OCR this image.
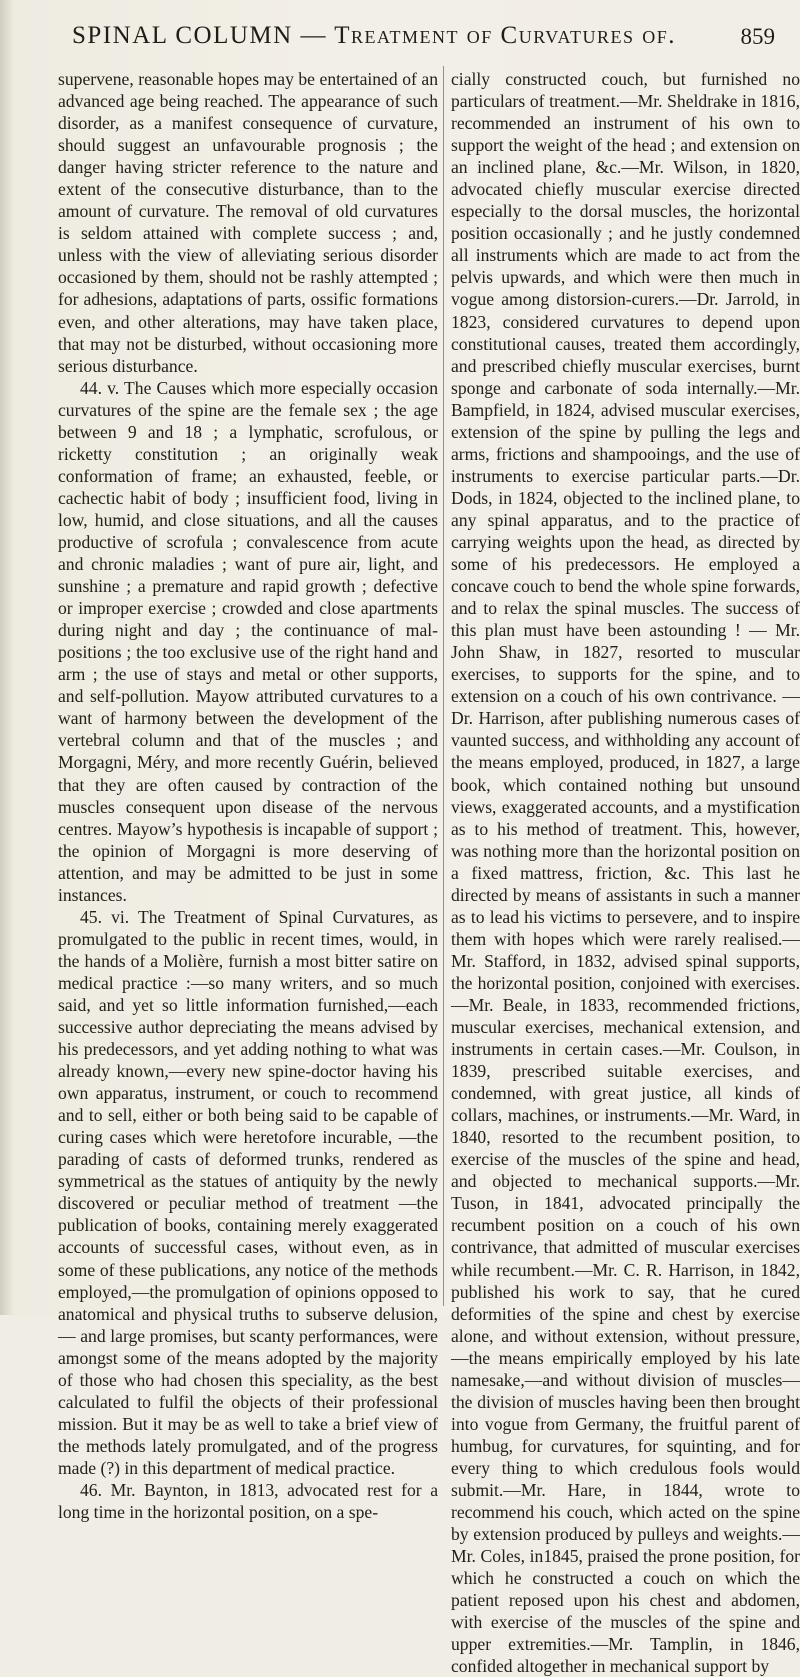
SPINAL COLUMN — Treatment of Curvatures of.	859

supervene, reasonable hopes may be entertained of an advanced age being reached. The appearance of such disorder, as a manifest consequence of curvature, should suggest an unfavourable prognosis ; the danger having stricter reference to the nature and extent of the consecutive disturbance, than to the amount of curvature. The removal of old curvatures is seldom attained with complete success ; and, unless with the view of alleviating serious disorder occasioned by them, should not be rashly attempted ; for adhesions, adaptations of parts, ossific formations even, and other alterations, may have taken place, that may not be disturbed, without occasioning more serious disturbance.

44. v. The Causes which more especially occasion curvatures of the spine are the female sex ; the age between 9 and 18 ; a lymphatic, scrofulous, or ricketty constitution ; an originally weak conformation of frame; an exhausted, feeble, or cachectic habit of body ; insufficient food, living in low, humid, and close situations, and all the causes productive of scrofula ; convalescence from acute and chronic maladies ; want of pure air, light, and sunshine ; a premature and rapid growth ; defective or improper exercise ; crowded and close apartments during night and day ; the continuance of mal-positions ; the too exclusive use of the right hand and arm ; the use of stays and metal or other supports, and self-pollution. Mayow attributed curvatures to a want of harmony between the development of the vertebral column and that of the muscles ; and Morgagni, Méry, and more recently Guérin, believed that they are often caused by contraction of the muscles consequent upon disease of the nervous centres. Mayow’s hypothesis is incapable of support ; the opinion of Morgagni is more deserving of attention, and may be admitted to be just in some instances.

45. vi. The Treatment of Spinal Curvatures, as promulgated to the public in recent times, would, in the hands of a Molière, furnish a most bitter satire on medical practice :—so many writers, and so much said, and yet so little information furnished,—each successive author depreciating the means advised by his predecessors, and yet adding nothing to what was already known,—every new spine-doctor having his own apparatus, instrument, or couch to recommend and to sell, either or both being said to be capable of curing cases which were heretofore incurable, —the parading of casts of deformed trunks, rendered as symmetrical as the statues of antiquity by the newly discovered or peculiar method of treatment —the publication of books, containing merely exaggerated accounts of successful cases, without even, as in some of these publications, any notice of the methods employed,—the promulgation of opinions opposed to anatomical and physical truths to subserve delusion,— and large promises, but scanty performances, were amongst some of the means adopted by the majority of those who had chosen this speciality, as the best calculated to fulfil the objects of their professional mission. But it may be as well to take a brief view of the methods lately promulgated, and of the progress made (?) in this department of medical practice.

46. Mr. Baynton, in 1813, advocated rest for a long time in the horizontal position, on a spe-

cially constructed couch, but furnished no particulars of treatment.—Mr. Sheldrake in 1816, recommended an instrument of his own to support the weight of the head ; and extension on an inclined plane, &c.—Mr. Wilson, in 1820, advocated chiefly muscular exercise directed especially to the dorsal muscles, the horizontal position occasionally ; and he justly condemned all instruments which are made to act from the pelvis upwards, and which were then much in vogue among distorsion-curers.—Dr. Jarrold, in 1823, considered curvatures to depend upon constitutional causes, treated them accordingly, and prescribed chiefly muscular exercises, burnt sponge and carbonate of soda internally.—Mr. Bampfield, in 1824, advised muscular exercises, extension of the spine by pulling the legs and arms, frictions and shampooings, and the use of instruments to exercise particular parts.—Dr. Dods, in 1824, objected to the inclined plane, to any spinal apparatus, and to the practice of carrying weights upon the head, as directed by some of his predecessors. He employed a concave couch to bend the whole spine forwards, and to relax the spinal muscles. The success of this plan must have been astounding ! — Mr. John Shaw, in 1827, resorted to muscular exercises, to supports for the spine, and to extension on a couch of his own contrivance. — Dr. Harrison, after publishing numerous cases of vaunted success, and withholding any account of the means employed, produced, in 1827, a large book, which contained nothing but unsound views, exaggerated accounts, and a mystification as to his method of treatment. This, however, was nothing more than the horizontal position on a fixed mattress, friction, &c. This last he directed by means of assistants in such a manner as to lead his victims to persevere, and to inspire them with hopes which were rarely realised.—Mr. Stafford, in 1832, advised spinal supports, the horizontal position, conjoined with exercises.—Mr. Beale, in 1833, recommended frictions, muscular exercises, mechanical extension, and instruments in certain cases.—Mr. Coulson, in 1839, prescribed suitable exercises, and condemned, with great justice, all kinds of collars, machines, or instruments.—Mr. Ward, in 1840, resorted to the recumbent position, to exercise of the muscles of the spine and head, and objected to mechanical supports.—Mr. Tuson, in 1841, advocated principally the recumbent position on a couch of his own contrivance, that admitted of muscular exercises while recumbent.—Mr. C. R. Harrison, in 1842, published his work to say, that he cured deformities of the spine and chest by exercise alone, and without extension, without pressure,—the means empirically employed by his late namesake,—and without division of muscles— the division of muscles having been then brought into vogue from Germany, the fruitful parent of humbug, for curvatures, for squinting, and for every thing to which credulous fools would submit.—Mr. Hare, in 1844, wrote to recommend his couch, which acted on the spine by extension produced by pulleys and weights.—Mr. Coles, in1845, praised the prone position, for which he constructed a couch on which the patient reposed upon his chest and abdomen, with exercise of the muscles of the spine and upper extremities.—Mr. Tamplin, in 1846, confided altogether in mechanical support by
